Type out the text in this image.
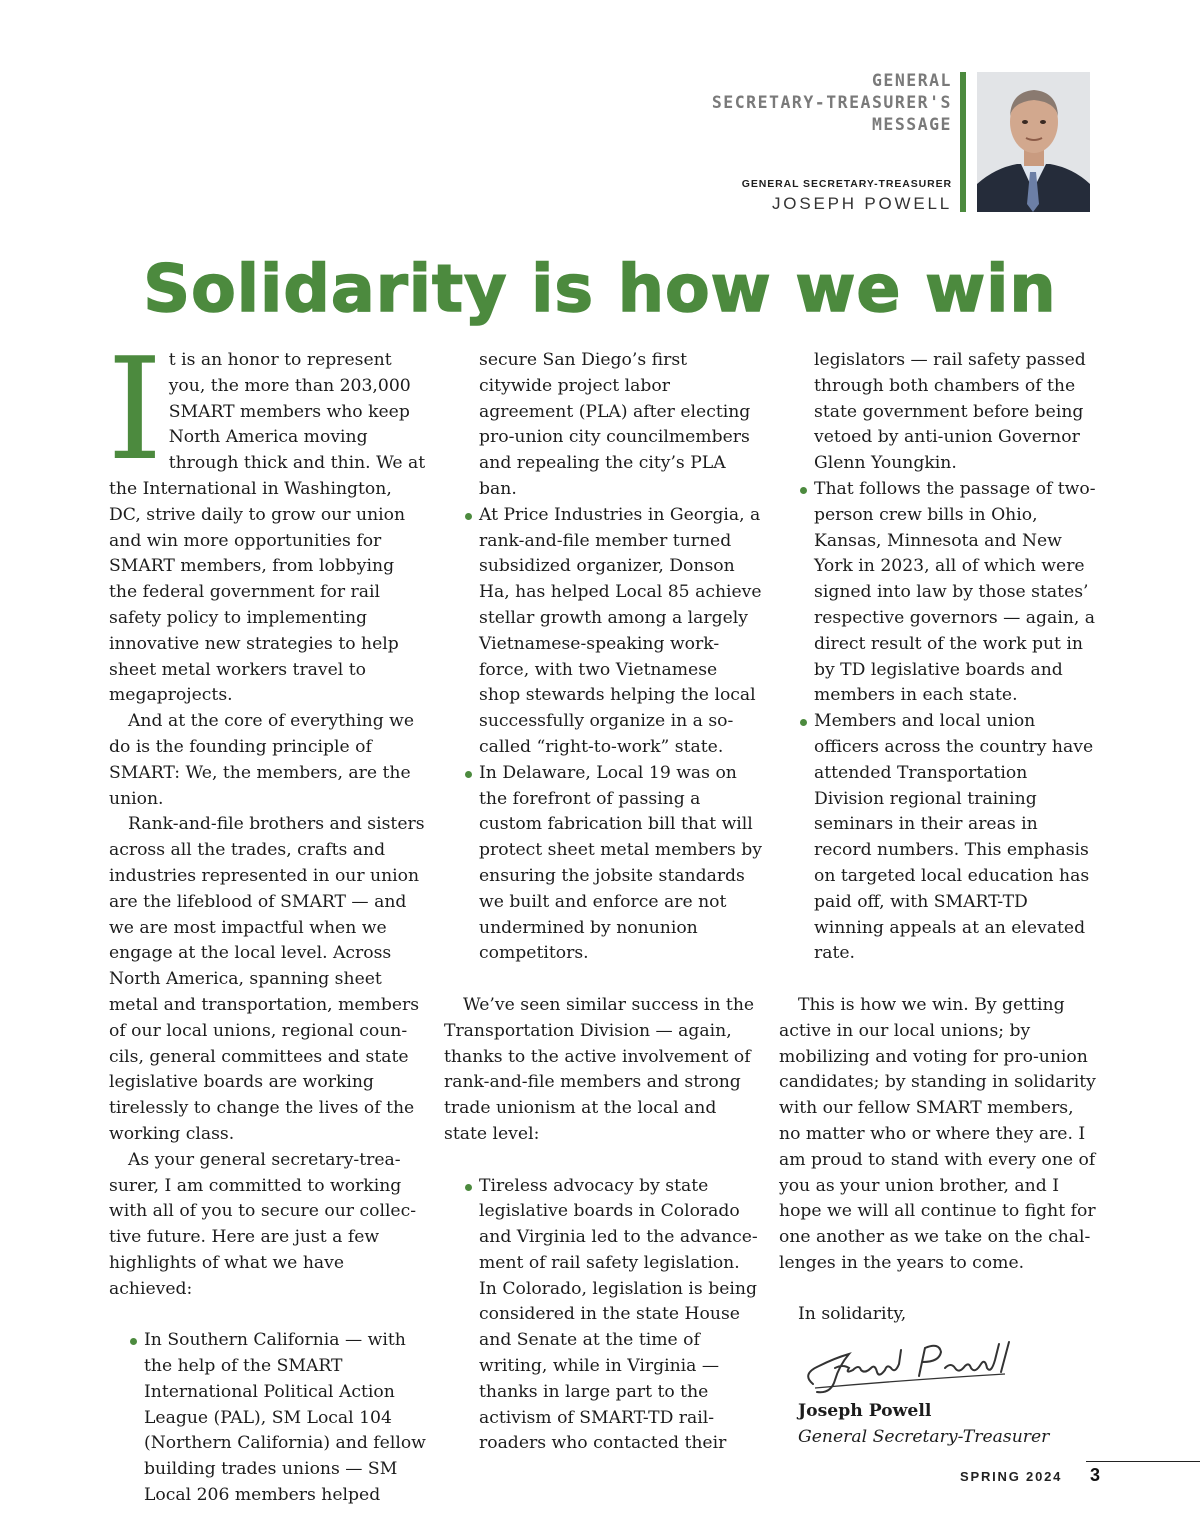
GENERAL
SECRETARY-TREASURER'S
MESSAGE
GENERAL SECRETARY-TREASURER
JOSEPH POWELL
Solidarity is how we win
I t is an honor to represent you, the more than 203,000 SMART members who keep North America moving through thick and thin. We at the International in Washington, DC, strive daily to grow our union and win more opportunities for SMART members, from lobbying the federal government for rail safety policy to implementing innovative new strategies to help sheet metal workers travel to megaprojects.

And at the core of everything we do is the founding principle of SMART: We, the members, are the union.

Rank-and-file brothers and sisters across all the trades, crafts and industries represented in our union are the lifeblood of SMART — and we are most impactful when we engage at the local level. Across North America, spanning sheet metal and transportation, members of our local unions, regional coun-cils, general committees and state legislative boards are working tirelessly to change the lives of the working class.

As your general secretary-trea-surer, I am committed to working with all of you to secure our collec-tive future. Here are just a few highlights of what we have achieved:

In Southern California — with the help of the SMART International Political Action League (PAL), SM Local 104 (Northern California) and fellow building trades unions — SM Local 206 members helped

secure San Diego’s first citywide project labor agreement (PLA) after electing pro-union city councilmembers and repealing the city’s PLA ban.

At Price Industries in Georgia, a rank-and-file member turned subsidized organizer, Donson Ha, has helped Local 85 achieve stellar growth among a largely Vietnamese-speaking work-force, with two Vietnamese shop stewards helping the local successfully organize in a so-called “right-to-work” state.

In Delaware, Local 19 was on the forefront of passing a custom fabrication bill that will protect sheet metal members by ensuring the jobsite standards we built and enforce are not undermined by nonunion competitors.

We’ve seen similar success in the Transportation Division — again, thanks to the active involvement of rank-and-file members and strong trade unionism at the local and state level:

Tireless advocacy by state legislative boards in Colorado and Virginia led to the advance-ment of rail safety legislation. In Colorado, legislation is being considered in the state House and Senate at the time of writing, while in Virginia — thanks in large part to the activism of SMART-TD rail-roaders who contacted their

legislators — rail safety passed through both chambers of the state government before being vetoed by anti-union Governor Glenn Youngkin.

That follows the passage of two-person crew bills in Ohio, Kansas, Minnesota and New York in 2023, all of which were signed into law by those states’ respective governors — again, a direct result of the work put in by TD legislative boards and members in each state.

Members and local union officers across the country have attended Transportation Division regional training seminars in their areas in record numbers. This emphasis on targeted local education has paid off, with SMART-TD winning appeals at an elevated rate.

This is how we win. By getting active in our local unions; by mobilizing and voting for pro-union candidates; by standing in solidarity with our fellow SMART members, no matter who or where they are. I am proud to stand with every one of you as your union brother, and I hope we will all continue to fight for one another as we take on the chal-lenges in the years to come.

In solidarity,

Joseph Powell

General Secretary-Treasurer

SPRING 2024 3
